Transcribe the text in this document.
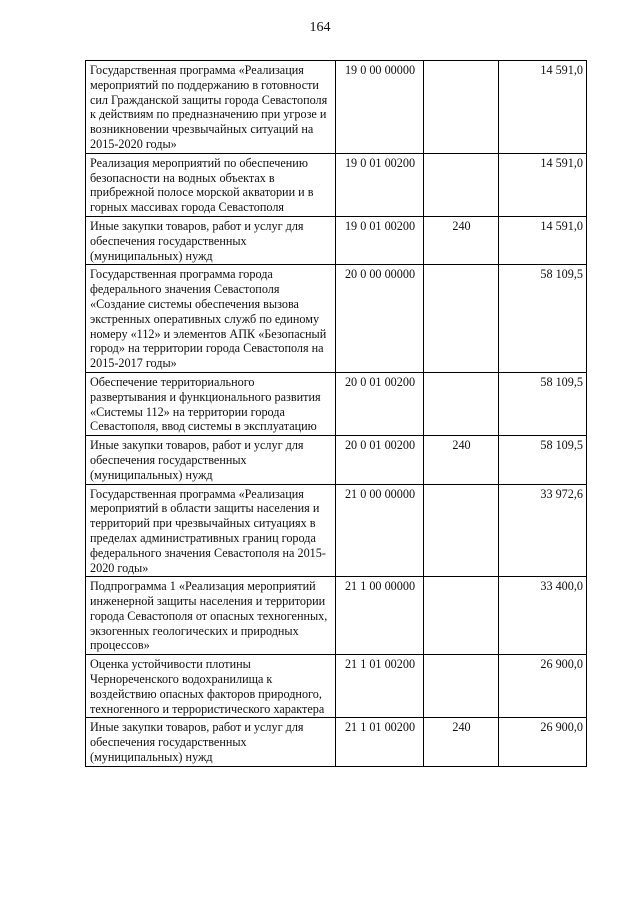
164
Государственная программа «Реализация мероприятий по поддержанию в готовности сил Гражданской защиты города Севастополя к действиям по предназначению при угрозе и возникновении чрезвычайных ситуаций на 2015-2020 годы»	19 0 00 00000		14 591,0
Реализация мероприятий по обеспечению безопасности на водных объектах в прибрежной полосе морской акватории и в горных массивах города Севастополя	19 0 01 00200		14 591,0
Иные закупки товаров, работ и услуг для обеспечения государственных (муниципальных) нужд	19 0 01 00200	240	14 591,0
Государственная программа города федерального значения Севастополя «Создание системы обеспечения вызова экстренных оперативных служб по единому номеру «112» и элементов АПК «Безопасный город» на территории города Севастополя на 2015-2017 годы»	20 0 00 00000		58 109,5
Обеспечение территориального развертывания и функционального развития «Системы 112» на территории города Севастополя, ввод системы в эксплуатацию	20 0 01 00200		58 109,5
Иные закупки товаров, работ и услуг для обеспечения государственных (муниципальных) нужд	20 0 01 00200	240	58 109,5
Государственная программа «Реализация мероприятий в области защиты населения и территорий при чрезвычайных ситуациях в пределах административных границ города федерального значения Севастополя на 2015-2020 годы»	21 0 00 00000		33 972,6
Подпрограмма 1 «Реализация мероприятий инженерной защиты населения и территории города Севастополя от опасных техногенных, экзогенных геологических и природных процессов»	21 1 00 00000		33 400,0
Оценка устойчивости плотины Чернореченского водохранилища к воздействию опасных факторов природного, техногенного и террористического характера	21 1 01 00200		26 900,0
Иные закупки товаров, работ и услуг для обеспечения государственных (муниципальных) нужд	21 1 01 00200	240	26 900,0
